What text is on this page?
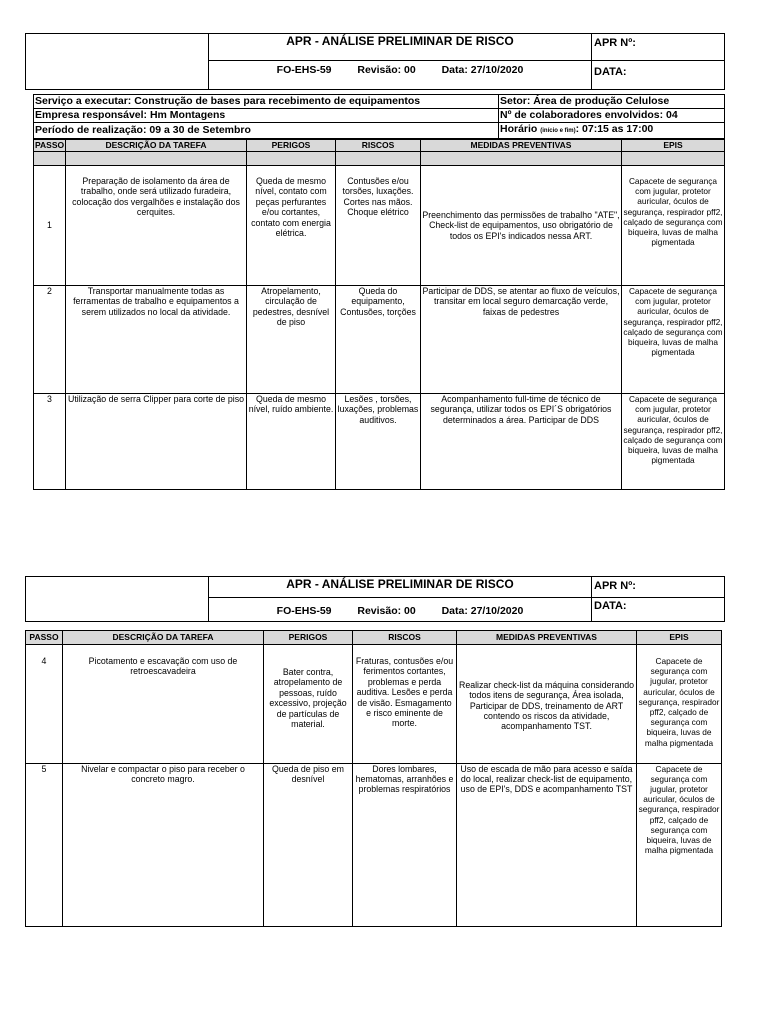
	APR - ANÁLISE PRELIMINAR DE RISCO	APR Nº:
	FO-EHS-59 Revisão: 00 Data: 27/10/2020	DATA:
Serviço a executar: Construção de bases para recebimento de equipamentos	Setor: Área de produção Celulose
Empresa responsável: Hm Montagens	Nº de colaboradores envolvidos: 04
Período de realização: 09 a 30 de Setembro	Horário (início e fim): 07:15 as 17:00
PASSO	DESCRIÇÃO DA TAREFA	PERIGOS	RISCOS	MEDIDAS PREVENTIVAS	EPIS

1	Preparação de isolamento da área de trabalho, onde será utilizado furadeira, colocação dos vergalhões e instalação dos cerquites.	Queda de mesmo nível, contato com peças perfurantes e/ou cortantes, contato com energia elétrica.	Contusões e/ou torsões, luxações. Cortes nas mãos. Choque elétrico	Preenchimento das permissões de trabalho "ATE", Check-list de equipamentos, uso obrigatório de todos os EPI's indicados nessa ART.	Capacete de segurança com jugular, protetor auricular, óculos de segurança, respirador pff2, calçado de segurança com biqueira, luvas de malha pigmentada
2	Transportar manualmente todas as ferramentas de trabalho e equipamentos a serem utilizados no local da atividade.	Atropelamento, circulação de pedestres, desnível de piso	Queda do equipamento, Contusões, torções	Participar de DDS, se atentar ao fluxo de veículos, transitar em local seguro demarcação verde, faixas de pedestres	Capacete de segurança com jugular, protetor auricular, óculos de segurança, respirador pff2, calçado de segurança com biqueira, luvas de malha pigmentada
3	Utilização de serra Clipper para corte de piso	Queda de mesmo nível, ruído ambiente.	Lesões , torsões, luxações, problemas auditivos.	Acompanhamento full-time de técnico de segurança, utilizar todos os EPI´S obrigatórios determinados a área. Participar de DDS	Capacete de segurança com jugular, protetor auricular, óculos de segurança, respirador pff2, calçado de segurança com biqueira, luvas de malha pigmentada
	APR - ANÁLISE PRELIMINAR DE RISCO	APR Nº:
	FO-EHS-59 Revisão: 00 Data: 27/10/2020	DATA:
PASSO	DESCRIÇÃO DA TAREFA	PERIGOS	RISCOS	MEDIDAS PREVENTIVAS	EPIS

4	Picotamento e escavação com uso de retroescavadeira	Bater contra, atropelamento de pessoas, ruído excessivo, projeção de partículas de material.	Fraturas, contusões e/ou ferimentos cortantes, problemas e perda auditiva. Lesões e perda de visão. Esmagamento e risco eminente de morte.	Realizar check-list da máquina considerando todos itens de segurança, Área isolada, Participar de DDS, treinamento de ART contendo os riscos da atividade, acompanhamento TST.	Capacete de segurança com jugular, protetor auricular, óculos de segurança, respirador pff2, calçado de segurança com biqueira, luvas de malha pigmentada
5	Nivelar e compactar o piso para receber o concreto magro.	Queda de piso em desnível	Dores lombares, hematomas, arranhões e problemas respiratórios	Uso de escada de mão para acesso e saída do local, realizar check-list de equipamento, uso de EPI's, DDS e acompanhamento TST	Capacete de segurança com jugular, protetor auricular, óculos de segurança, respirador pff2, calçado de segurança com biqueira, luvas de malha pigmentada
